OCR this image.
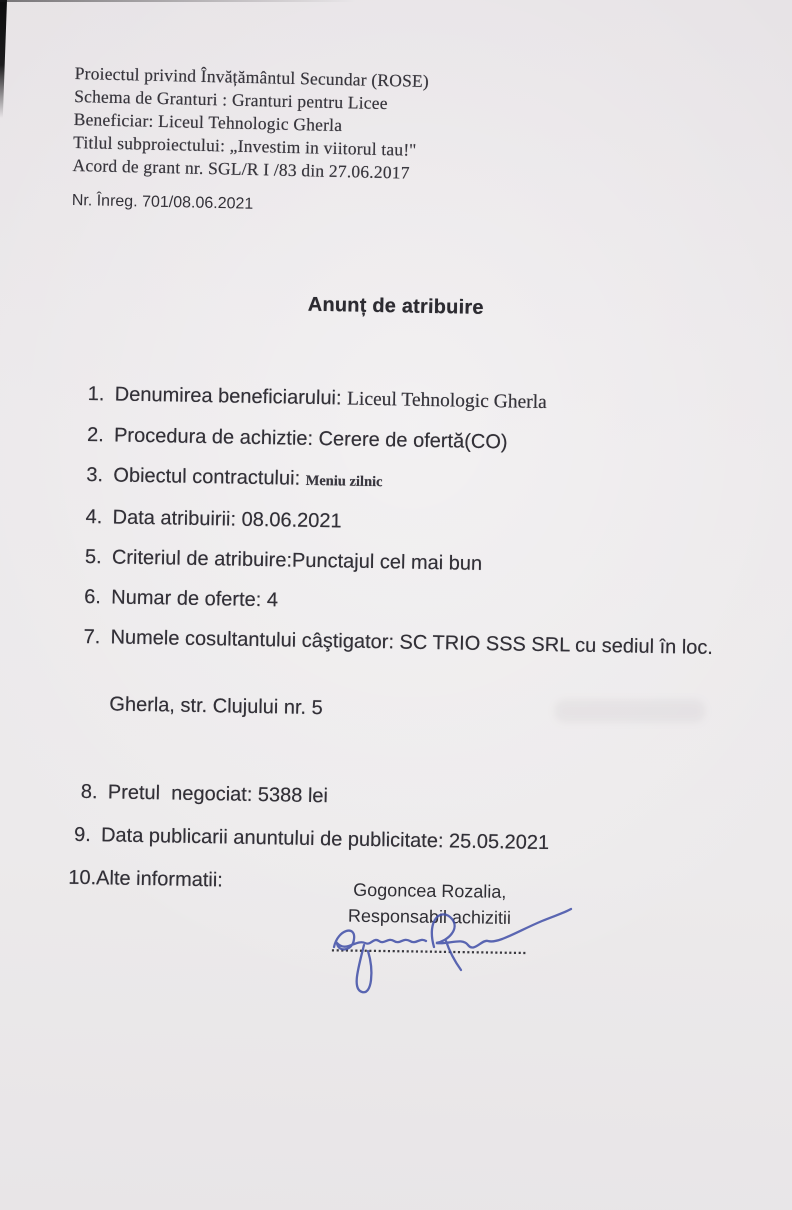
Proiectul privind Învățământul Secundar (ROSE)
Schema de Granturi : Granturi pentru Licee
Beneficiar: Liceul Tehnologic Gherla
Titlul subproiectului: „Investim in viitorul tau!''
Acord de grant nr. SGL/R I /83 din 27.06.2017
Nr. Înreg. 701/08.06.2021
Anunț de atribuire
1. Denumirea beneficiarului: Liceul Tehnologic Gherla
2. Procedura de achiztie: Cerere de ofertă(CO)
3. Obiectul contractului: Meniu zilnic
4. Data atribuirii: 08.06.2021
5. Criteriul de atribuire:Punctajul cel mai bun
6. Numar de oferte: 4
7. Numele cosultantului câştigator: SC TRIO SSS SRL cu sediul în loc.

Gherla, str. Clujului nr. 5

8. Pretul  negociat: 5388 lei
9. Data publicarii anuntului de publicitate: 25.05.2021
10.Alte informatii:	Gogoncea Rozalia,
Responsabil achizitii
..........................................
